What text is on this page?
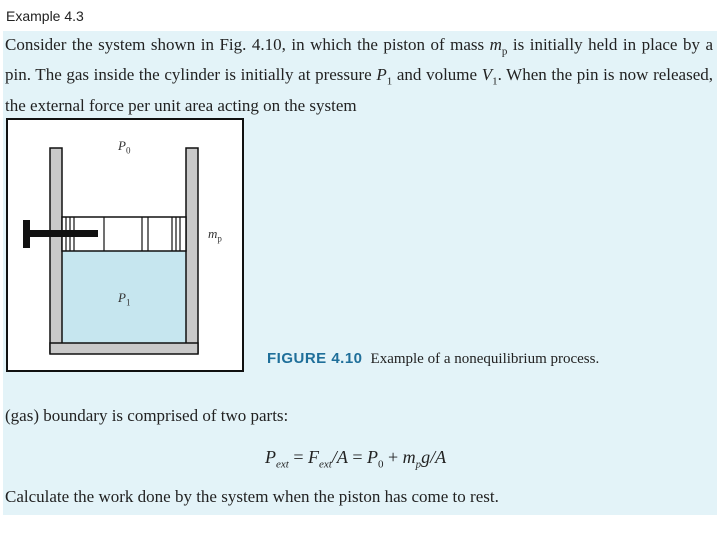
Example 4.3
Consider the system shown in Fig. 4.10, in which the piston of mass $m_p$ is initially held in place by a pin. The gas inside the cylinder is initially at pressure $P_1$ and volume $V_1$. When the pin is now released, the external force per unit area acting on the system
$P_0$
$m_p$
$P_1$
FIGURE 4.10 Example of a nonequilibrium process.
(gas) boundary is comprised of two parts:
$P_{ext} = F_{ext}/A = P_0 + m_pg/A$
Calculate the work done by the system when the piston has come to rest.
